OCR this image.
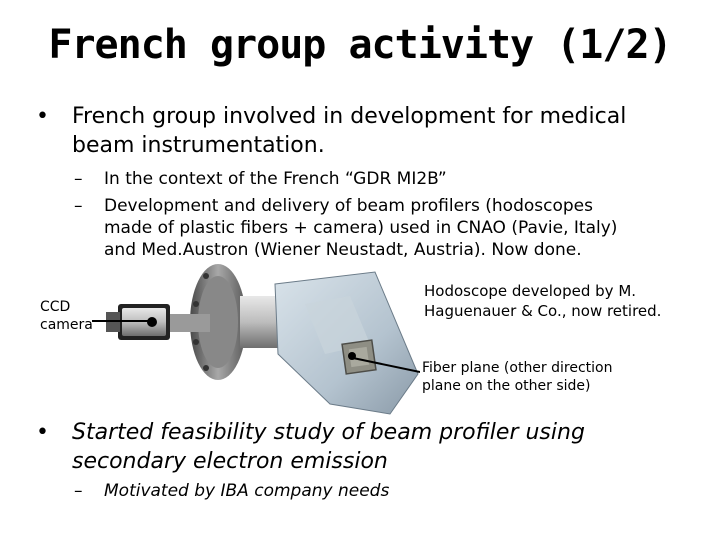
French group activity (1/2)
• French group involved in development for medical
beam instrumentation.
– In the context of the French “GDR MI2B”
– Development and delivery of beam profilers (hodoscopes
made of plastic fibers + camera) used in CNAO (Pavie, Italy)
and Med.Austron (Wiener Neustadt, Austria). Now done.
CCD
camera
Hodoscope developed by M.
Haguenauer & Co., now retired.
Fiber plane (other direction
plane on the other side)
• Started feasibility study of beam profiler using
secondary electron emission
– Motivated by IBA company needs
